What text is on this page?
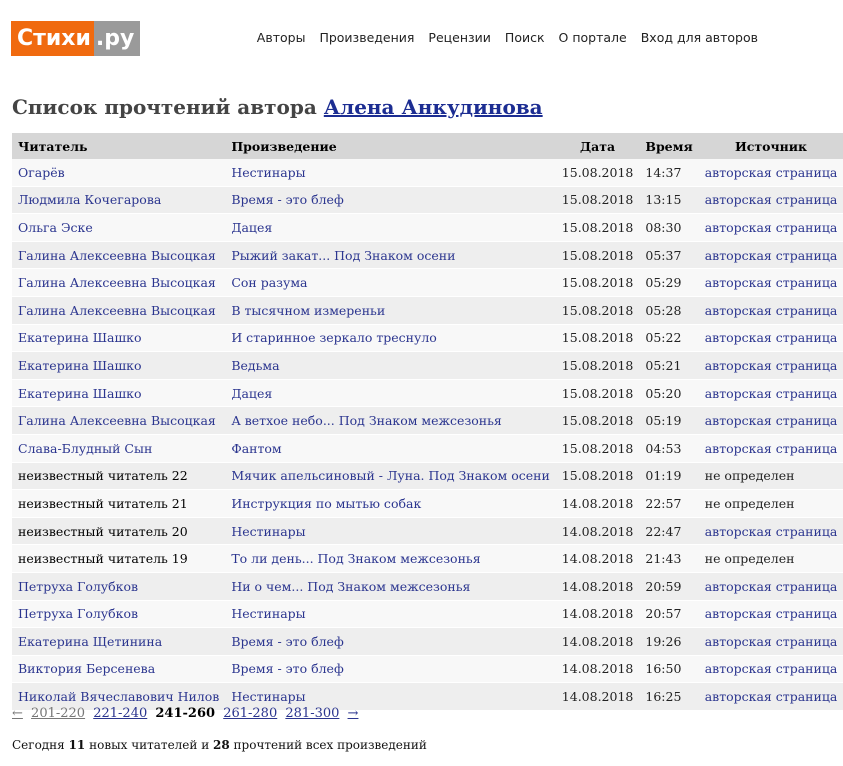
Стихи .ру	Авторы Произведения Рецензии Поиск О портале Вход для авторов
Список прочтений автора Алена Анкудинова
Читатель	Произведение	Дата	Время	Источник
Огарёв	Нестинары	15.08.2018	14:37	авторская страница
Людмила Кочегарова	Время - это блеф	15.08.2018	13:15	авторская страница
Ольга Эске	Дацея	15.08.2018	08:30	авторская страница
Галина Алексеевна Высоцкая	Рыжий закат... Под Знаком осени	15.08.2018	05:37	авторская страница
Галина Алексеевна Высоцкая	Сон разума	15.08.2018	05:29	авторская страница
Галина Алексеевна Высоцкая	В тысячном измереньи	15.08.2018	05:28	авторская страница
Екатерина Шашко	И старинное зеркало треснуло	15.08.2018	05:22	авторская страница
Екатерина Шашко	Ведьма	15.08.2018	05:21	авторская страница
Екатерина Шашко	Дацея	15.08.2018	05:20	авторская страница
Галина Алексеевна Высоцкая	А ветхое небо... Под Знаком межсезонья	15.08.2018	05:19	авторская страница
Слава-Блудный Сын	Фантом	15.08.2018	04:53	авторская страница
неизвестный читатель 22	Мячик апельсиновый - Луна. Под Знаком осени	15.08.2018	01:19	не определен
неизвестный читатель 21	Инструкция по мытью собак	14.08.2018	22:57	не определен
неизвестный читатель 20	Нестинары	14.08.2018	22:47	авторская страница
неизвестный читатель 19	То ли день... Под Знаком межсезонья	14.08.2018	21:43	не определен
Петруха Голубков	Ни о чем... Под Знаком межсезонья	14.08.2018	20:59	авторская страница
Петруха Голубков	Нестинары	14.08.2018	20:57	авторская страница
Екатерина Щетинина	Время - это блеф	14.08.2018	19:26	авторская страница
Виктория Берсенева	Время - это блеф	14.08.2018	16:50	авторская страница
Николай Вячеславович Нилов	Нестинары	14.08.2018	16:25	авторская страница
← 201-220 221-240 241-260 261-280 281-300 →
Сегодня 11 новых читателей и 28 прочтений всех произведений
